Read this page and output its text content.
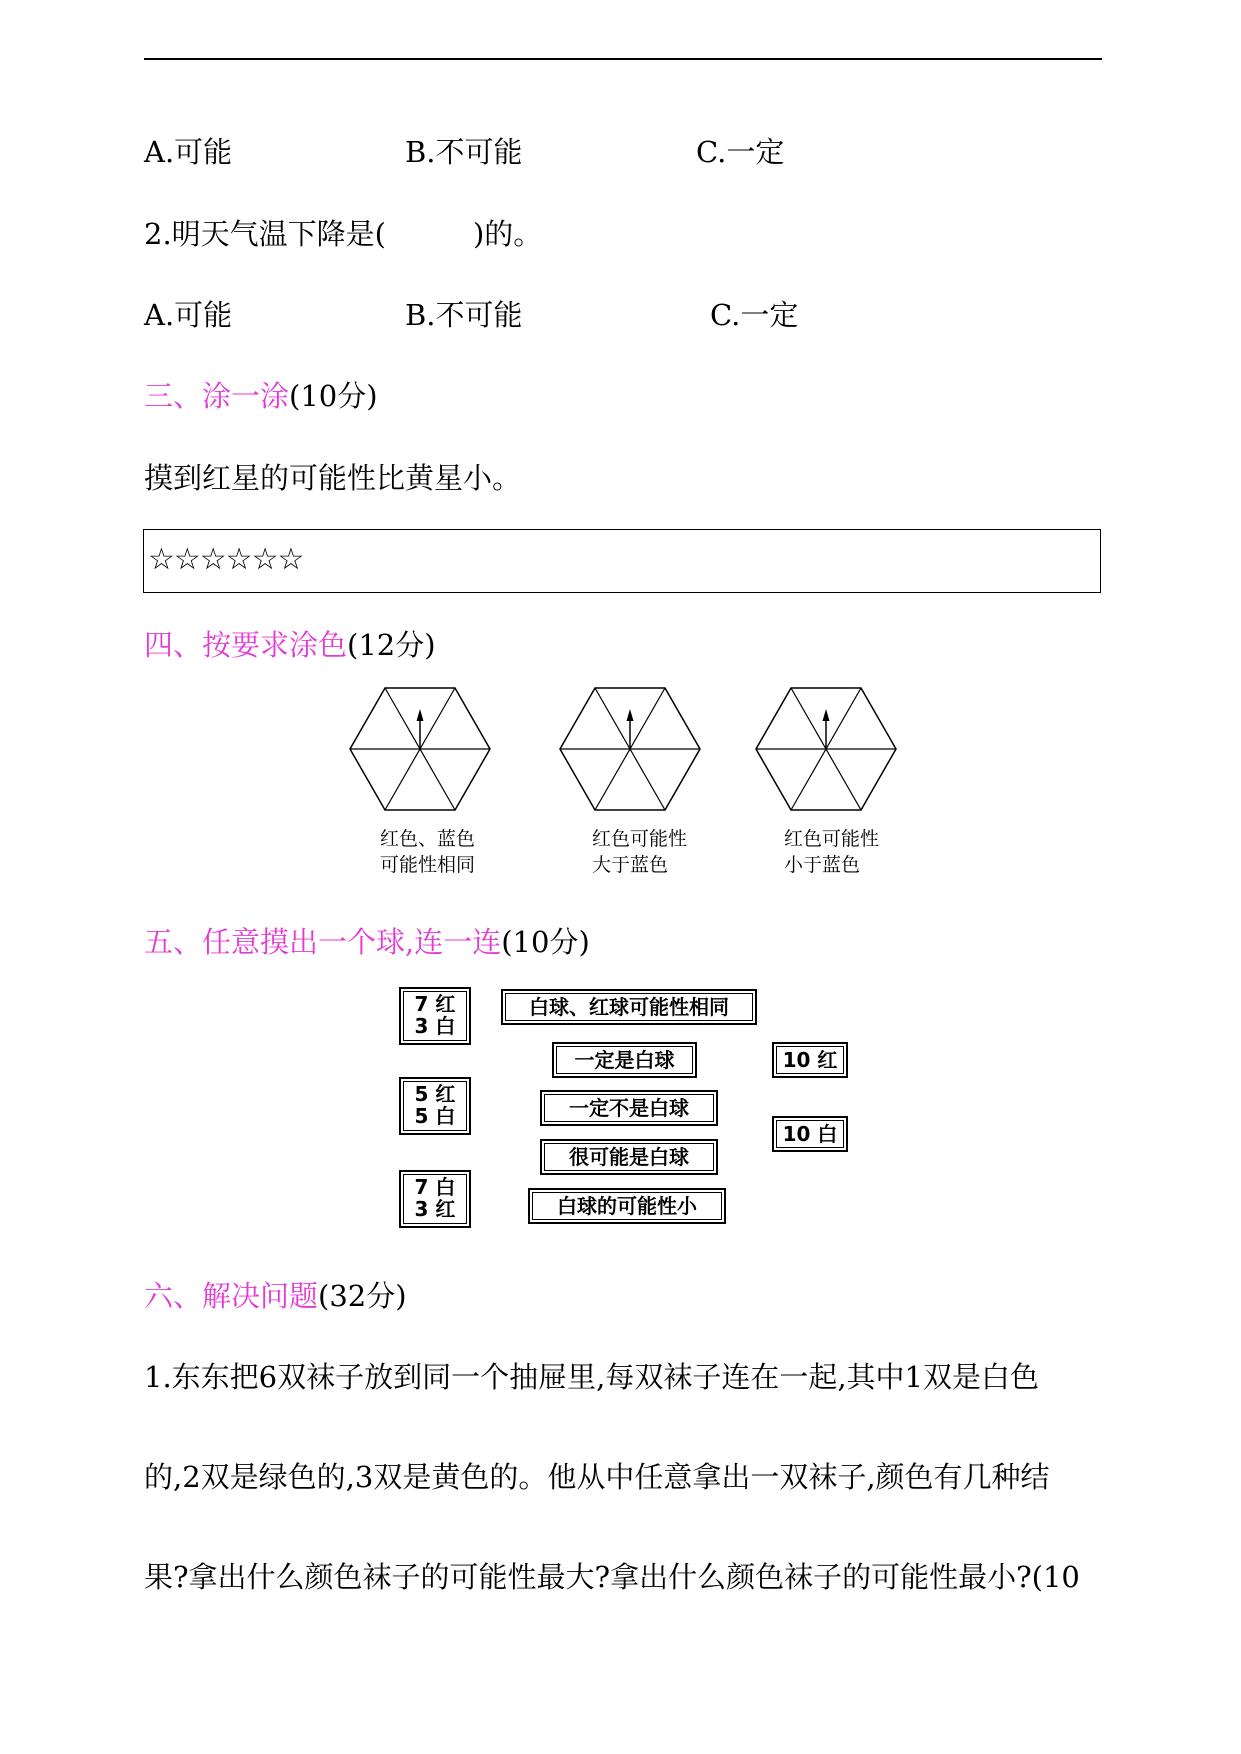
A.可能	B.不可能	C.一定
2.明天气温下降是(　　　)的。
A.可能	B.不可能	C.一定
三、涂一涂(10分)
摸到红星的可能性比黄星小。
☆☆☆☆☆☆
四、按要求涂色(12分)
红色、蓝色
可能性相同
红色可能性
大于蓝色
红色可能性
小于蓝色
五、任意摸出一个球,连一连(10分)
7 红
3 白
5 红
5 白
7 白
3 红
白球、红球可能性相同
一定是白球
一定不是白球
很可能是白球
白球的可能性小
10 红
10 白
六、解决问题(32分)
1.东东把6双袜子放到同一个抽屉里,每双袜子连在一起,其中1双是白色
的,2双是绿色的,3双是黄色的。他从中任意拿出一双袜子,颜色有几种结
果?拿出什么颜色袜子的可能性最大?拿出什么颜色袜子的可能性最小?(10
